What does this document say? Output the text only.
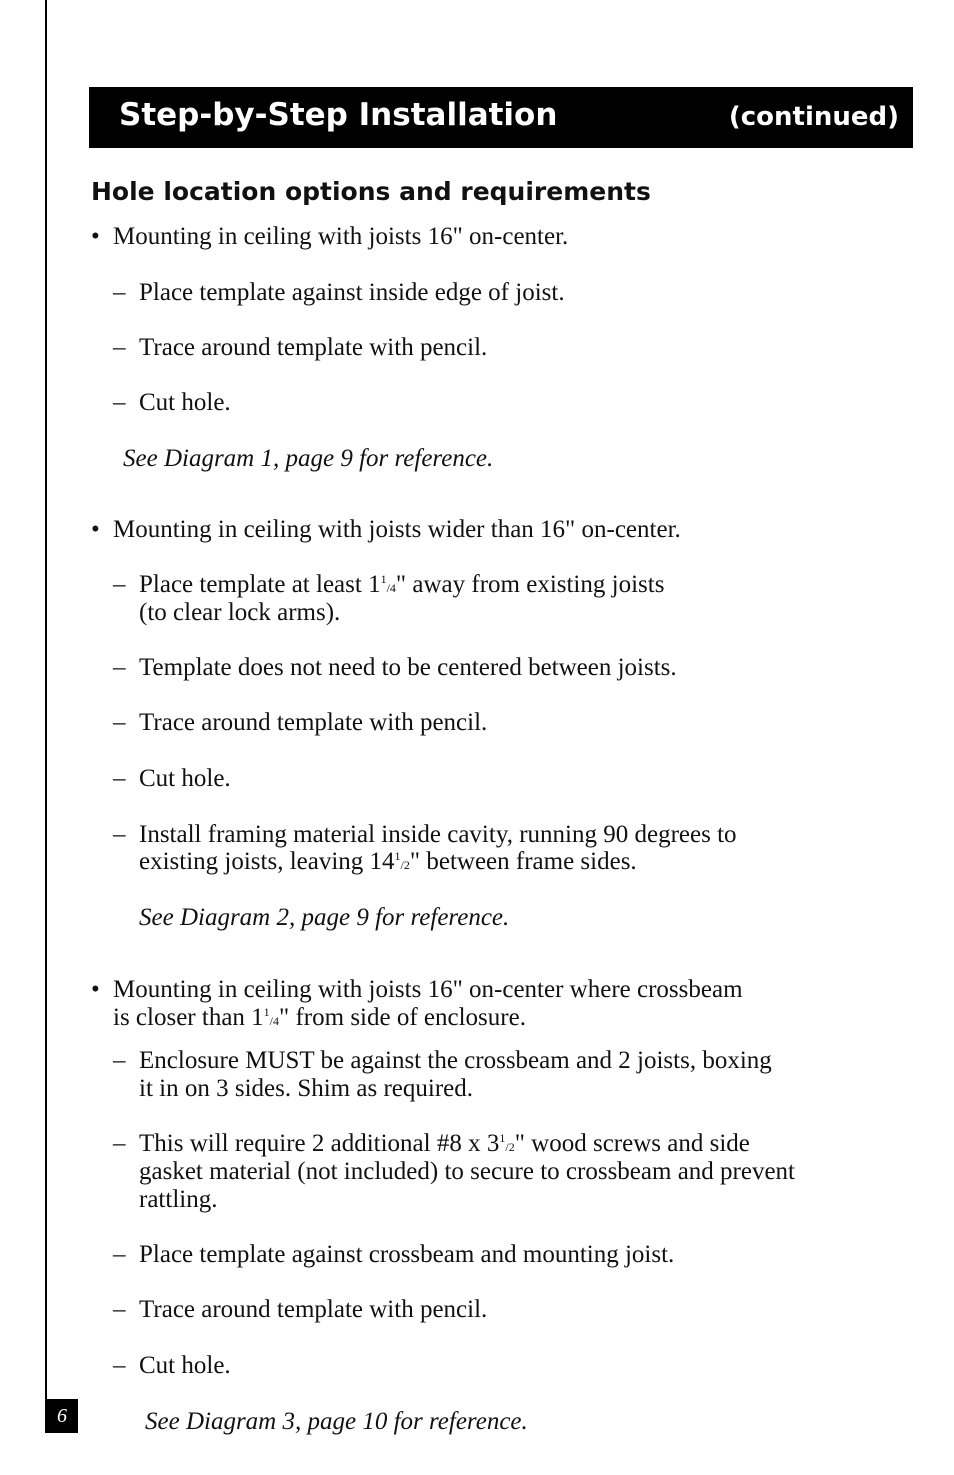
Step-by-Step Installation	(continued)
Hole location options and requirements
• Mounting in ceiling with joists 16" on-center.
– Place template against inside edge of joist.
– Trace around template with pencil.
– Cut hole.
See Diagram 1, page 9 for reference.
• Mounting in ceiling with joists wider than 16" on-center.
– Place template at least 11/4" away from existing joists
(to clear lock arms).
– Template does not need to be centered between joists.
– Trace around template with pencil.
– Cut hole.
– Install framing material inside cavity, running 90 degrees to
existing joists, leaving 141/2" between frame sides.
See Diagram 2, page 9 for reference.
• Mounting in ceiling with joists 16" on-center where crossbeam
is closer than 11/4" from side of enclosure.
– Enclosure MUST be against the crossbeam and 2 joists, boxing
it in on 3 sides. Shim as required.
– This will require 2 additional #8 x 31/2" wood screws and side
gasket material (not included) to secure to crossbeam and prevent
rattling.
– Place template against crossbeam and mounting joist.
– Trace around template with pencil.
– Cut hole.
See Diagram 3, page 10 for reference.
6
